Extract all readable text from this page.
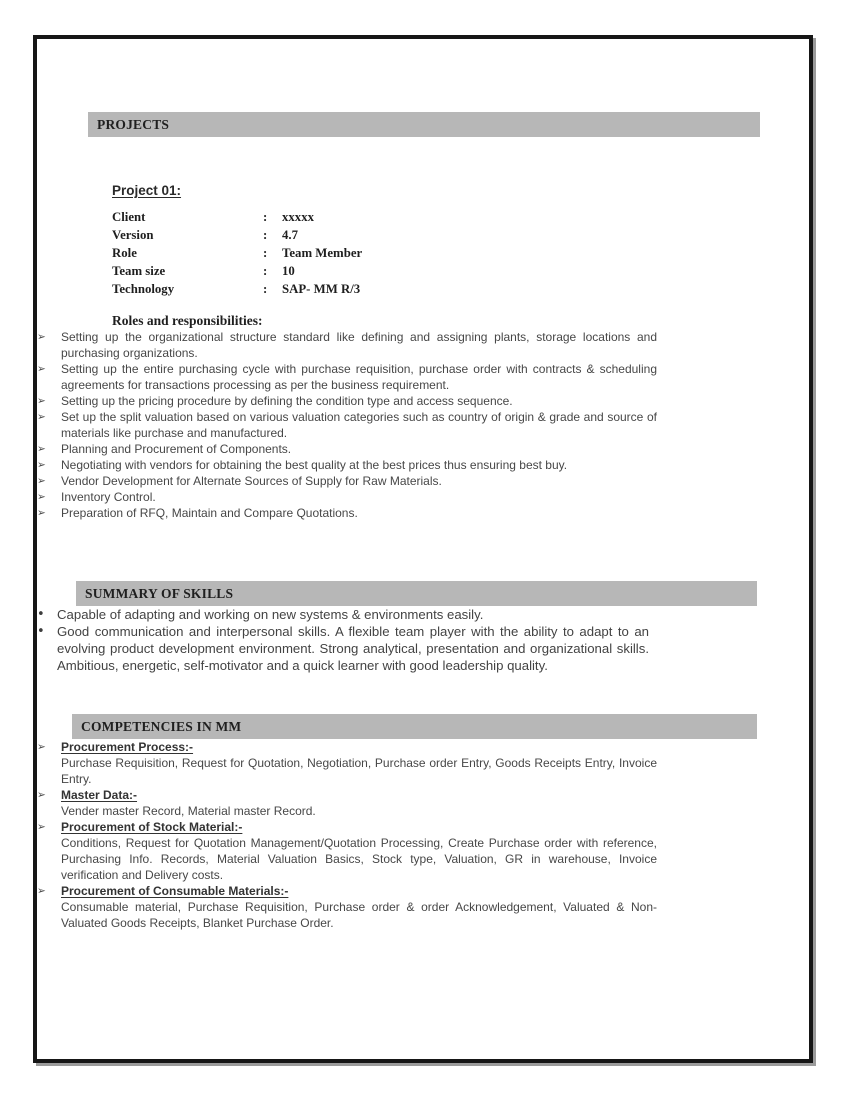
PROJECTS
Project 01:
Client	:	xxxxx
Version	:	4.7
Role	:	Team Member
Team size	:	10
Technology	:	SAP- MM R/3
Roles and responsibilities:
➢	Setting up the organizational structure standard like defining and assigning plants, storage locations and purchasing organizations.
➢	Setting up the entire purchasing cycle with purchase requisition, purchase order with contracts & scheduling agreements for transactions processing as per the business requirement.
➢	Setting up the pricing procedure by defining the condition type and access sequence.
➢	Set up the split valuation based on various valuation categories such as country of origin & grade and source of materials like purchase and manufactured.
➢	Planning and Procurement of Components.
➢	Negotiating with vendors for obtaining the best quality at the best prices thus ensuring best buy.
➢	Vendor Development for Alternate Sources of Supply for Raw Materials.
➢	Inventory Control.
➢	Preparation of RFQ, Maintain and Compare Quotations.
SUMMARY OF SKILLS
• Capable of adapting and working on new systems & environments easily.
• Good communication and interpersonal skills. A flexible team player with the ability to adapt to an evolving product development environment. Strong analytical, presentation and organizational skills. Ambitious, energetic, self-motivator and a quick learner with good leadership quality.
COMPETENCIES IN MM
➢	Procurement Process:-
Purchase Requisition, Request for Quotation, Negotiation, Purchase order Entry, Goods Receipts Entry, Invoice Entry.
➢	Master Data:-
Vender master Record, Material master Record.
➢	Procurement of Stock Material:-
Conditions, Request for Quotation Management/Quotation Processing, Create Purchase order with reference, Purchasing Info. Records, Material Valuation Basics, Stock type, Valuation, GR in warehouse, Invoice verification and Delivery costs.
➢	Procurement of Consumable Materials:-
Consumable material, Purchase Requisition, Purchase order & order Acknowledgement, Valuated & Non-Valuated Goods Receipts, Blanket Purchase Order.
